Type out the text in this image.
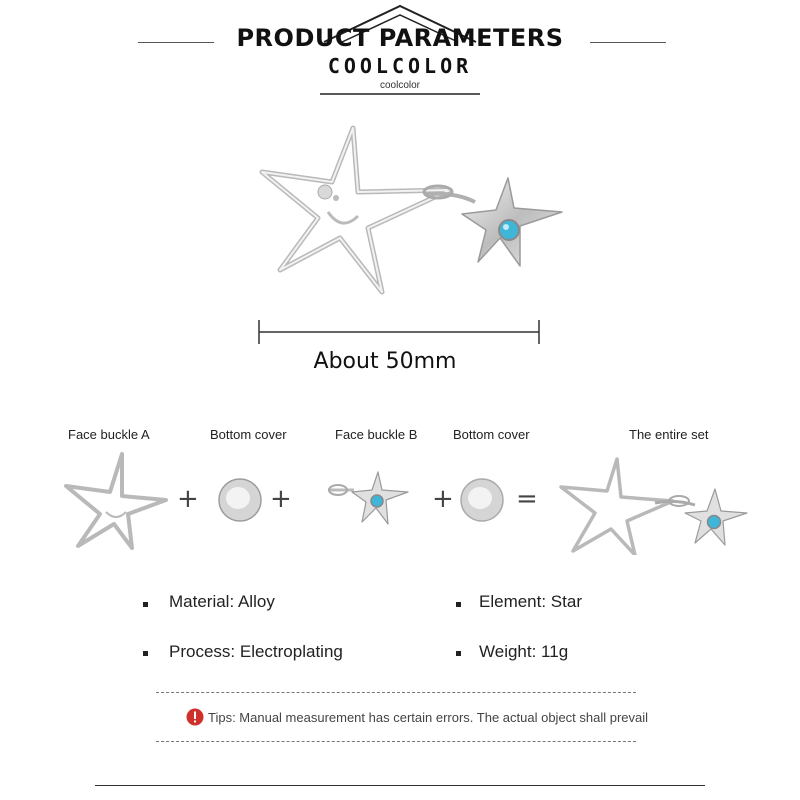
PRODUCT PARAMETERS
COOLCOLOR
coolcolor
About 50mm
Face buckle A	Bottom cover	Face buckle B	Bottom cover	The entire set
+	+	+ =
Material: Alloy	Element: Star
Process: Electroplating	Weight: 11g
Tips: Manual measurement has certain errors. The actual object shall prevail
